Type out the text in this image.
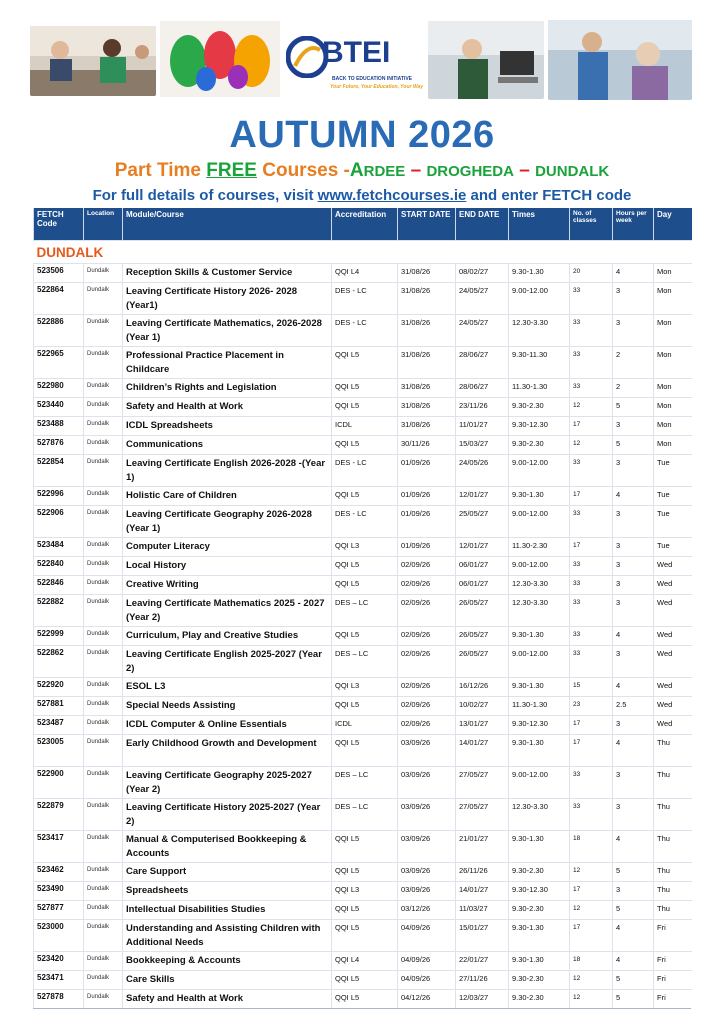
BTEI
BACK TO EDUCATION INITIATIVE
Your Future, Your Education, Your Way
AUTUMN 2026
Part Time FREE Courses -ARDEE – DROGHEDA – DUNDALK
For full details of courses, visit www.fetchcourses.ie and enter FETCH code
FETCH Code	Location	Module/Course	Accreditation	START DATE	END DATE	Times	No. of classes	Hours per week	Day
DUNDALK									
523506	Dundalk	Reception Skills & Customer Service	QQI L4	31/08/26	08/02/27	9.30-1.30	20	4	Mon
522864	Dundalk	Leaving Certificate History 2026- 2028 (Year1)	DES - LC	31/08/26	24/05/27	9.00-12.00	33	3	Mon
522886	Dundalk	Leaving Certificate Mathematics, 2026-2028 (Year 1)	DES - LC	31/08/26	24/05/27	12.30-3.30	33	3	Mon
522965	Dundalk	Professional Practice Placement in Childcare	QQI L5	31/08/26	28/06/27	9.30-11.30	33	2	Mon
522980	Dundalk	Children’s Rights and Legislation	QQI L5	31/08/26	28/06/27	11.30-1.30	33	2	Mon
523440	Dundalk	Safety and Health at Work	QQI L5	31/08/26	23/11/26	9.30-2.30	12	5	Mon
523488	Dundalk	ICDL Spreadsheets	ICDL	31/08/26	11/01/27	9.30-12.30	17	3	Mon
527876	Dundalk	Communications	QQI L5	30/11/26	15/03/27	9.30-2.30	12	5	Mon
522854	Dundalk	Leaving Certificate English 2026-2028 -(Year 1)	DES - LC	01/09/26	24/05/26	9.00-12.00	33	3	Tue
522996	Dundalk	Holistic Care of Children	QQI L5	01/09/26	12/01/27	9.30-1.30	17	4	Tue
522906	Dundalk	Leaving Certificate Geography 2026-2028 (Year 1)	DES - LC	01/09/26	25/05/27	9.00-12.00	33	3	Tue
523484	Dundalk	Computer Literacy	QQI L3	01/09/26	12/01/27	11.30-2.30	17	3	Tue
522840	Dundalk	Local History	QQI L5	02/09/26	06/01/27	9.00-12.00	33	3	Wed
522846	Dundalk	Creative Writing	QQI L5	02/09/26	06/01/27	12.30-3.30	33	3	Wed
522882	Dundalk	Leaving Certificate Mathematics 2025 - 2027 (Year 2)	DES – LC	02/09/26	26/05/27	12.30-3.30	33	3	Wed
522999	Dundalk	Curriculum, Play and Creative Studies	QQI L5	02/09/26	26/05/27	9.30-1.30	33	4	Wed
522862	Dundalk	Leaving Certificate English 2025-2027 (Year 2)	DES – LC	02/09/26	26/05/27	9.00-12.00	33	3	Wed
522920	Dundalk	ESOL L3	QQI L3	02/09/26	16/12/26	9.30-1.30	15	4	Wed
527881	Dundalk	Special Needs Assisting	QQI L5	02/09/26	10/02/27	11.30-1.30	23	2.5	Wed
523487	Dundalk	ICDL Computer & Online Essentials	ICDL	02/09/26	13/01/27	9.30-12.30	17	3	Wed
523005	Dundalk	Early Childhood Growth and Development	QQI L5	03/09/26	14/01/27	9.30-1.30	17	4	Thu
522900	Dundalk	Leaving Certificate Geography 2025-2027 (Year 2)	DES – LC	03/09/26	27/05/27	9.00-12.00	33	3	Thu
522879	Dundalk	Leaving Certificate History 2025-2027 (Year 2)	DES – LC	03/09/26	27/05/27	12.30-3.30	33	3	Thu
523417	Dundalk	Manual & Computerised Bookkeeping & Accounts	QQI L5	03/09/26	21/01/27	9.30-1.30	18	4	Thu
523462	Dundalk	Care Support	QQI L5	03/09/26	26/11/26	9.30-2.30	12	5	Thu
523490	Dundalk	Spreadsheets	QQI L3	03/09/26	14/01/27	9.30-12.30	17	3	Thu
527877	Dundalk	Intellectual Disabilities Studies	QQI L5	03/12/26	11/03/27	9.30-2.30	12	5	Thu
523000	Dundalk	Understanding and Assisting Children with Additional Needs	QQI L5	04/09/26	15/01/27	9.30-1.30	17	4	Fri
523420	Dundalk	Bookkeeping & Accounts	QQI L4	04/09/26	22/01/27	9.30-1.30	18	4	Fri
523471	Dundalk	Care Skills	QQI L5	04/09/26	27/11/26	9.30-2.30	12	5	Fri
527878	Dundalk	Safety and Health at Work	QQI L5	04/12/26	12/03/27	9.30-2.30	12	5	Fri
